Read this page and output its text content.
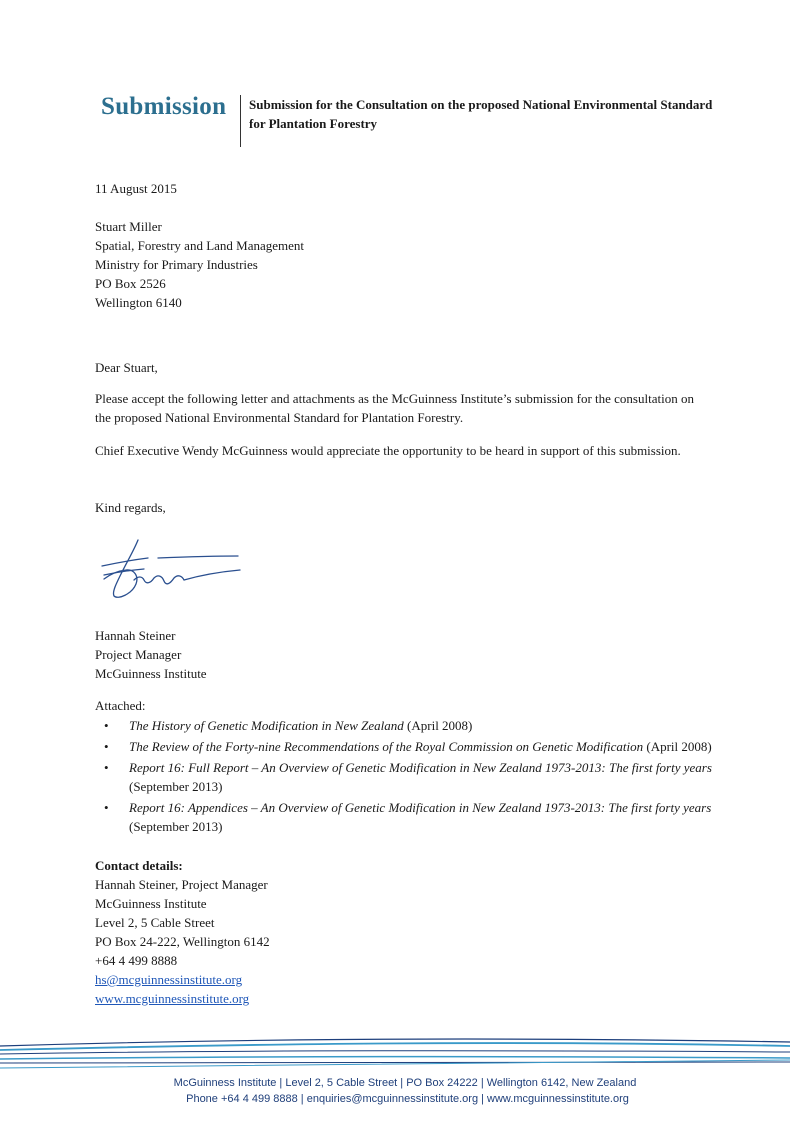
Submission Submission for the Consultation on the proposed National Environmental Standard for Plantation Forestry
11 August 2015

Stuart Miller

Spatial, Forestry and Land Management

Ministry for Primary Industries

PO Box 2526

Wellington 6140

Dear Stuart,
Please accept the following letter and attachments as the McGuinness Institute’s submission for the consultation on the proposed National Environmental Standard for Plantation Forestry.
Chief Executive Wendy McGuinness would appreciate the opportunity to be heard in support of this submission.
Kind regards,

Hannah Steiner

Project Manager

McGuinness Institute

Attached:
• The History of Genetic Modification in New Zealand (April 2008)
• The Review of the Forty-nine Recommendations of the Royal Commission on Genetic Modification (April 2008)
• Report 16: Full Report – An Overview of Genetic Modification in New Zealand 1973-2013: The first forty years
(September 2013)
• Report 16: Appendices – An Overview of Genetic Modification in New Zealand 1973-2013: The first forty years
(September 2013)

Contact details:

Hannah Steiner, Project Manager

McGuinness Institute

Level 2, 5 Cable Street

PO Box 24-222, Wellington 6142

+64 4 499 8888

hs@mcguinnessinstitute.org

www.mcguinnessinstitute.org

McGuinness Institute | Level 2, 5 Cable Street | PO Box 24222 | Wellington 6142, New Zealand
Phone +64 4 499 8888 | enquiries@mcguinnessinstitute.org | www.mcguinnessinstitute.org
